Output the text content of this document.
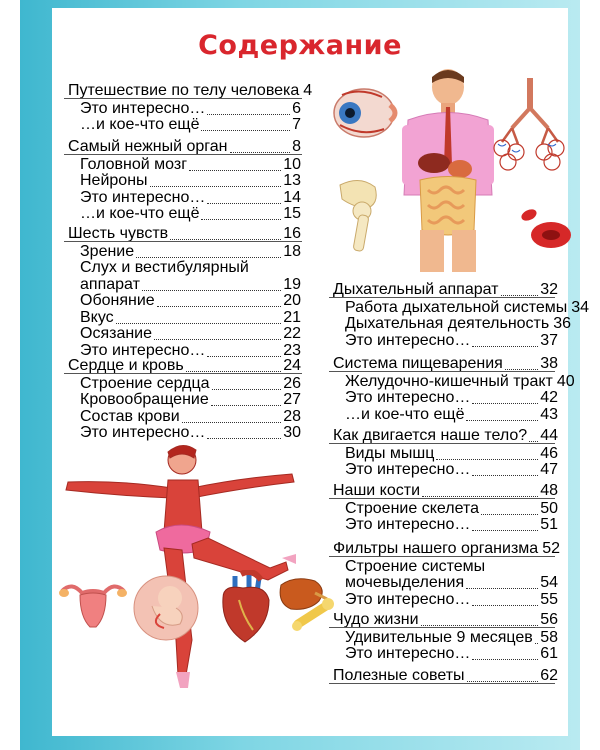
Содержание
Путешествие по телу человека 4
Это интересно…	6
…и кое-что ещё	7
Самый нежный орган	8
Головной мозг	10
Нейроны	13
Это интересно…	14
…и кое-что ещё	15
Шесть чувств	16
Зрение	18
Слух и вестибулярный
аппарат	19
Обоняние	20
Вкус	21
Осязание	22
Это интересно…	23
Сердце и кровь	24
Строение сердца	26
Кровообращение	27
Состав крови	28
Это интересно…	30
Дыхательный аппарат	32
Работа дыхательной системы 34
Дыхательная деятельность 36
Это интересно…	37
Система пищеварения 38
Желудочно-кишечный тракт 40
Это интересно…	42
…и кое-что ещё	43
Как двигается наше тело? 44
Виды мышц	46
Это интересно…	47
Наши кости	48
Строение скелета	50
Это интересно…	51
Фильтры нашего организма 52
Строение системы
мочевыделения	54
Это интересно…	55
Чудо жизни	56
Удивительные 9 месяцев 58
Это интересно…	61
Полезные советы	62
